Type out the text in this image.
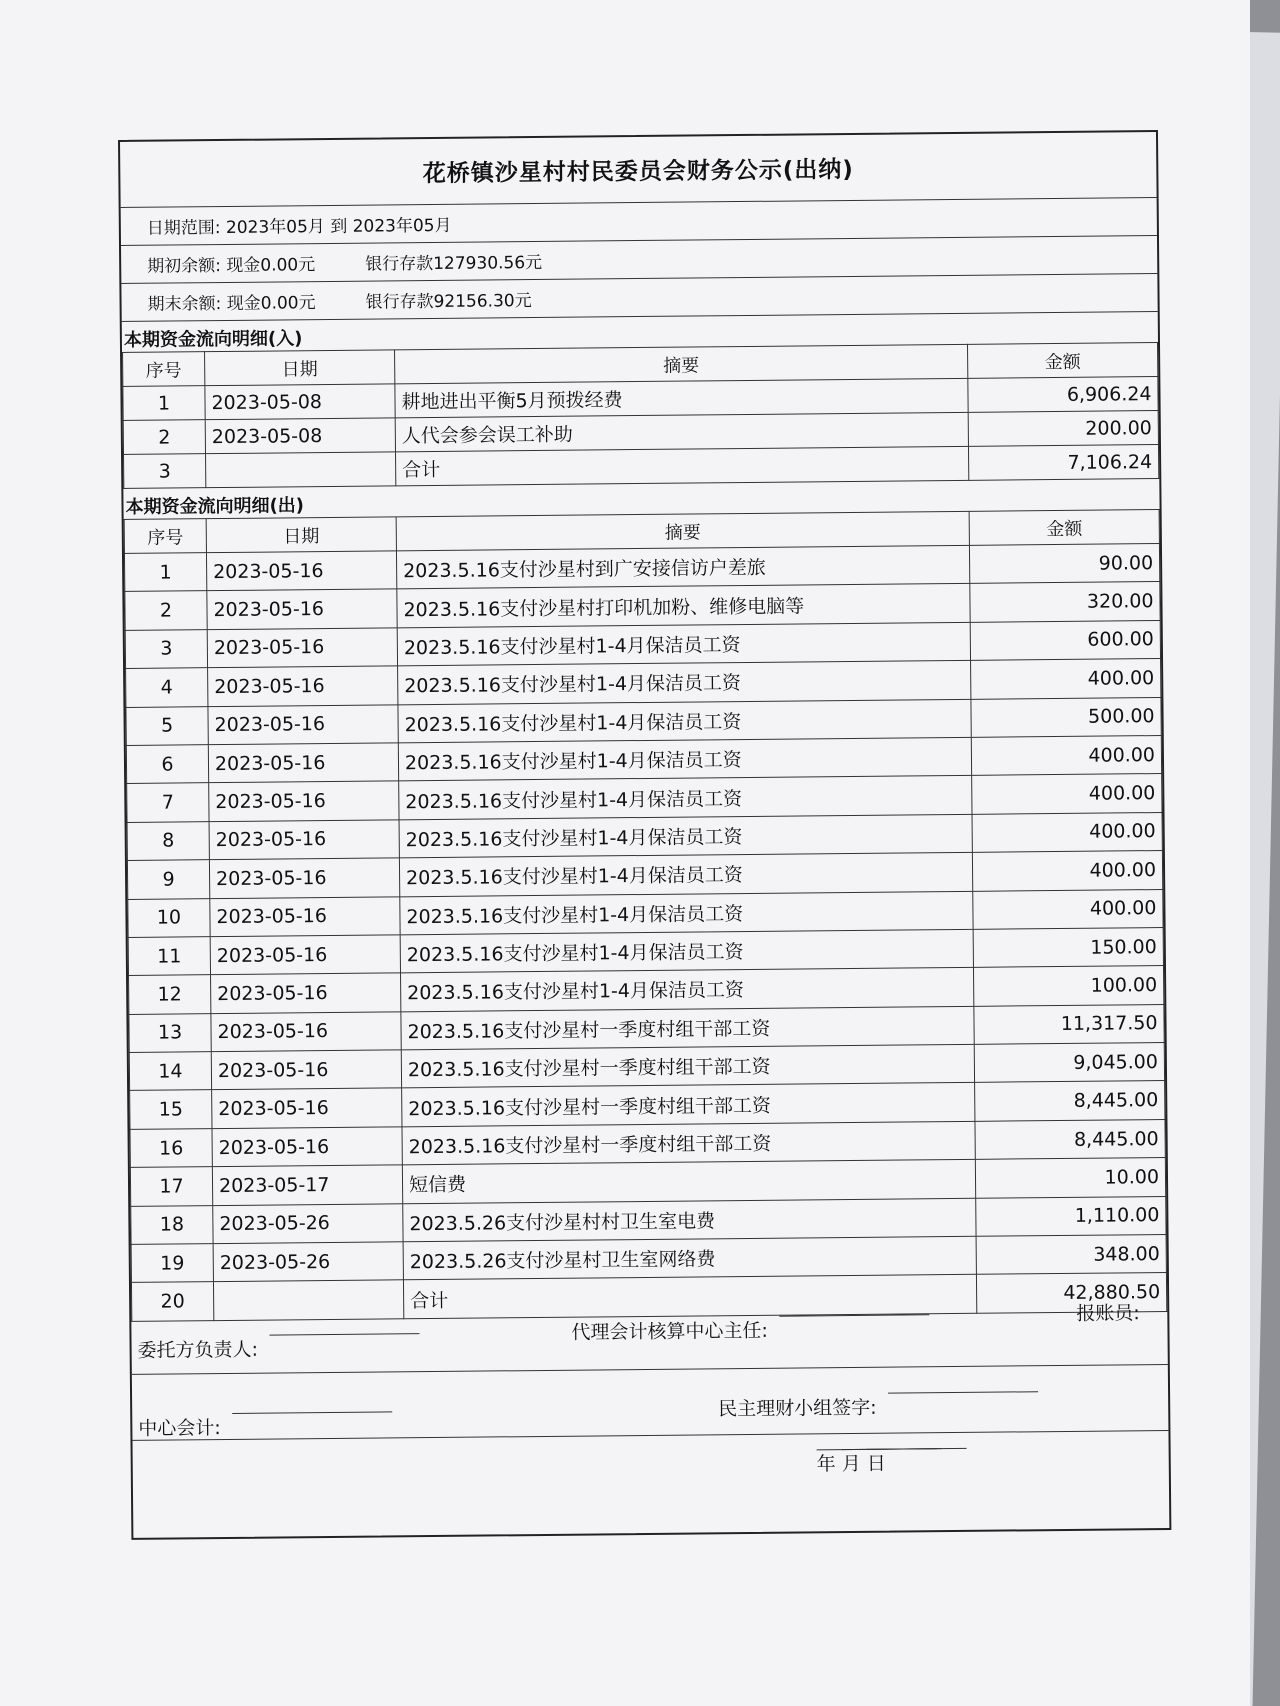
花桥镇沙星村村民委员会财务公示(出纳)
日期范围: 2023年05月 到 2023年05月
期初余额: 现金0.00元	银行存款127930.56元
期末余额: 现金0.00元	银行存款92156.30元
本期资金流向明细(入)
序号	日期	摘要	金额
1	2023-05-08	耕地进出平衡5月预拨经费	6,906.24
2	2023-05-08	人代会参会误工补助	200.00
3		合计	7,106.24
本期资金流向明细(出)
序号	日期	摘要	金额
1	2023-05-16	2023.5.16支付沙星村到广安接信访户差旅	90.00
2	2023-05-16	2023.5.16支付沙星村打印机加粉、维修电脑等	320.00
3	2023-05-16	2023.5.16支付沙星村1-4月保洁员工资	600.00
4	2023-05-16	2023.5.16支付沙星村1-4月保洁员工资	400.00
5	2023-05-16	2023.5.16支付沙星村1-4月保洁员工资	500.00
6	2023-05-16	2023.5.16支付沙星村1-4月保洁员工资	400.00
7	2023-05-16	2023.5.16支付沙星村1-4月保洁员工资	400.00
8	2023-05-16	2023.5.16支付沙星村1-4月保洁员工资	400.00
9	2023-05-16	2023.5.16支付沙星村1-4月保洁员工资	400.00
10	2023-05-16	2023.5.16支付沙星村1-4月保洁员工资	400.00
11	2023-05-16	2023.5.16支付沙星村1-4月保洁员工资	150.00
12	2023-05-16	2023.5.16支付沙星村1-4月保洁员工资	100.00
13	2023-05-16	2023.5.16支付沙星村一季度村组干部工资	11,317.50
14	2023-05-16	2023.5.16支付沙星村一季度村组干部工资	9,045.00
15	2023-05-16	2023.5.16支付沙星村一季度村组干部工资	8,445.00
16	2023-05-16	2023.5.16支付沙星村一季度村组干部工资	8,445.00
17	2023-05-17	短信费	10.00
18	2023-05-26	2023.5.26支付沙星村村卫生室电费	1,110.00
19	2023-05-26	2023.5.26支付沙星村卫生室网络费	348.00
20		合计	42,880.50
委托方负责人:
代理会计核算中心主任:
报账员:
中心会计:
民主理财小组签字:
年 月 日
